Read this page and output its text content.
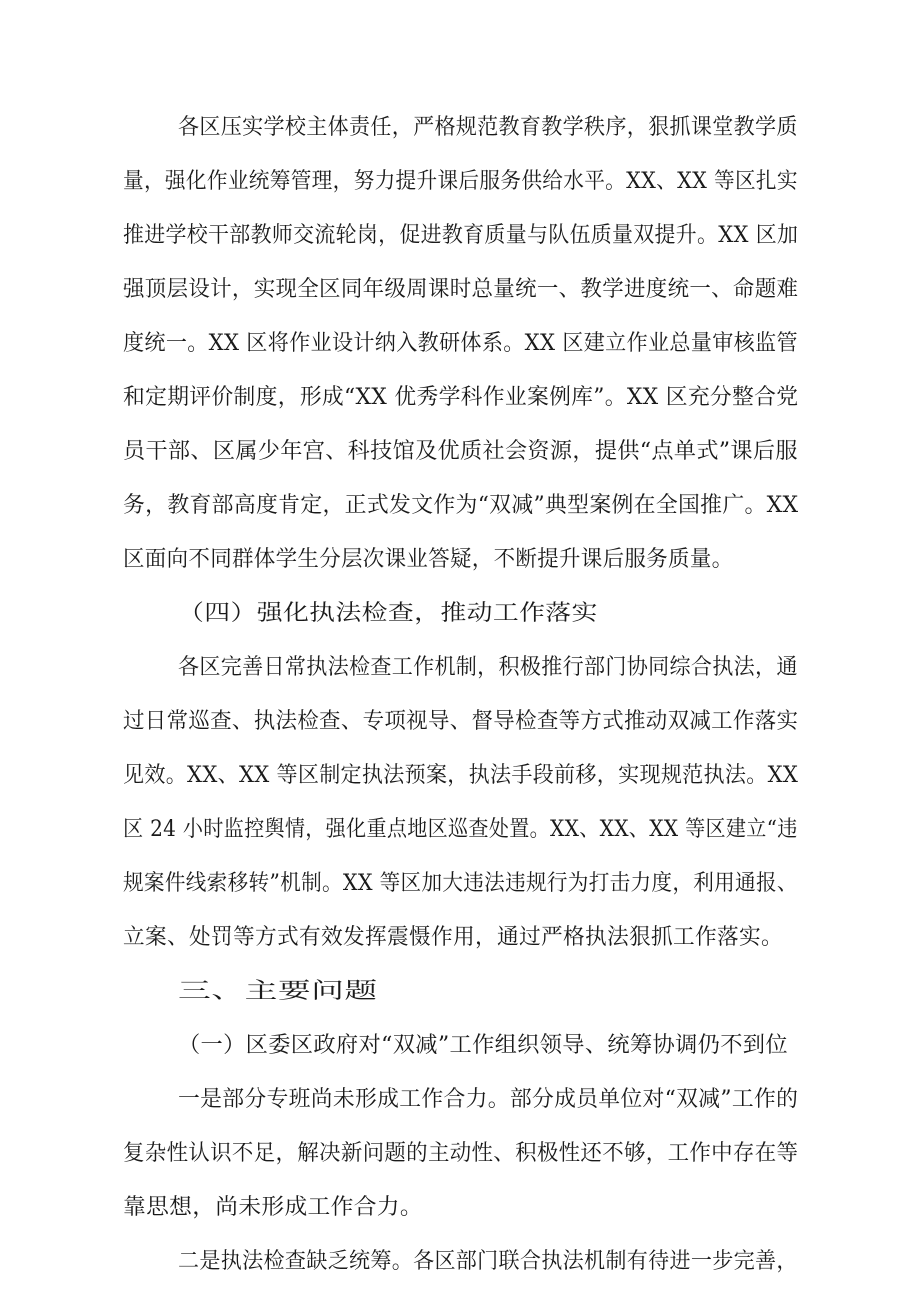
各区压实学校主体责任，严格规范教育教学秩序，狠抓课堂教学质
量，强化作业统筹管理，努力提升课后服务供给水平。XX、XX 等区扎实
推进学校干部教师交流轮岗，促进教育质量与队伍质量双提升。XX 区加
强顶层设计，实现全区同年级周课时总量统一、教学进度统一、命题难
度统一。XX 区将作业设计纳入教研体系。XX 区建立作业总量审核监管
和定期评价制度，形成“XX 优秀学科作业案例库”。XX 区充分整合党
员干部、区属少年宫、科技馆及优质社会资源，提供“点单式”课后服
务，教育部高度肯定，正式发文作为“双减”典型案例在全国推广。XX
区面向不同群体学生分层次课业答疑，不断提升课后服务质量。
（四）强化执法检查，推动工作落实
各区完善日常执法检查工作机制，积极推行部门协同综合执法，通
过日常巡查、执法检查、专项视导、督导检查等方式推动双减工作落实
见效。XX、XX 等区制定执法预案，执法手段前移，实现规范执法。XX
区 24 小时监控舆情，强化重点地区巡查处置。XX、XX、XX 等区建立“违
规案件线索移转”机制。XX 等区加大违法违规行为打击力度，利用通报、
立案、处罚等方式有效发挥震慑作用，通过严格执法狠抓工作落实。
三、主要问题
（一）区委区政府对“双减”工作组织领导、统筹协调仍不到位
一是部分专班尚未形成工作合力。部分成员单位对“双减”工作的
复杂性认识不足，解决新问题的主动性、积极性还不够，工作中存在等
靠思想，尚未形成工作合力。
二是执法检查缺乏统筹。各区部门联合执法机制有待进一步完善，
